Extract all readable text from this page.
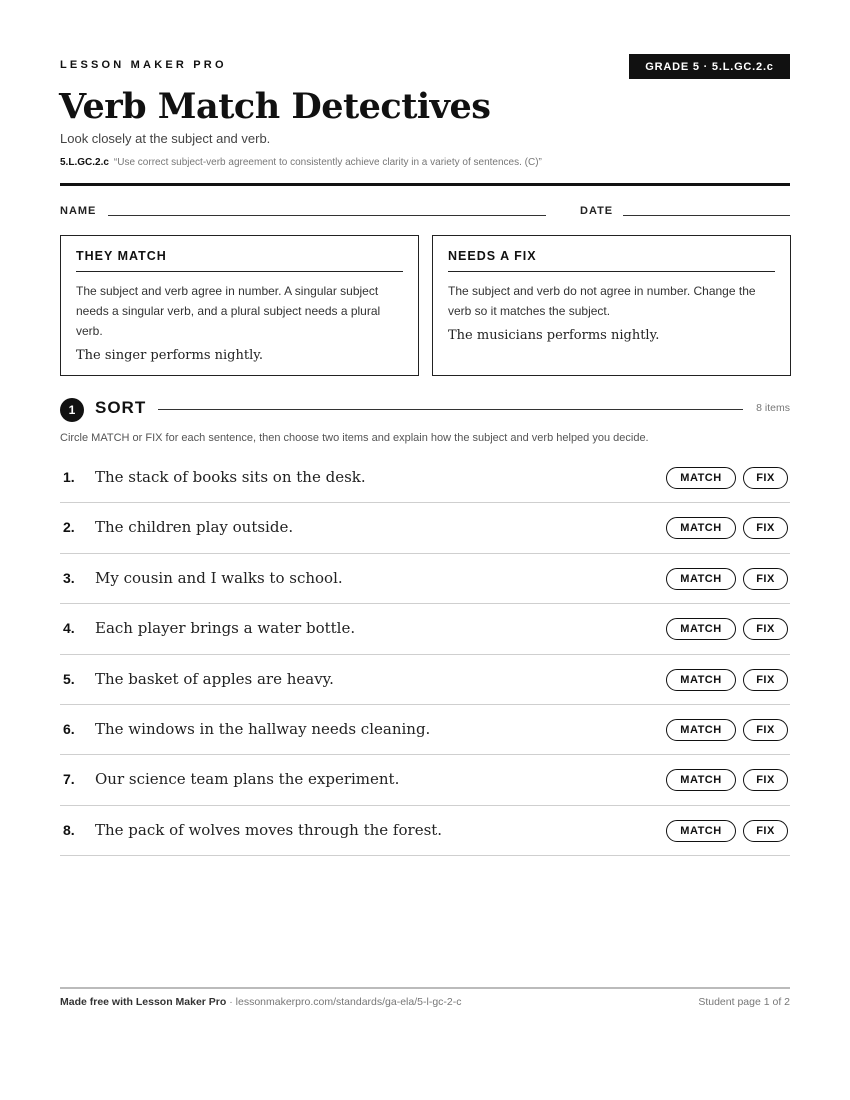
LESSON MAKER PRO	GRADE 5 · 5.L.GC.2.c
Verb Match Detectives
Look closely at the subject and verb.
5.L.GC.2.c “Use correct subject-verb agreement to consistently achieve clarity in a variety of sentences. (C)”
NAME	DATE
THEY MATCH
The subject and verb agree in number. A singular subject needs a singular verb, and a plural subject needs a plural verb.
The singer performs nightly.
NEEDS A FIX
The subject and verb do not agree in number. Change the verb so it matches the subject.
The musicians performs nightly.
1	SORT	8 items
Circle MATCH or FIX for each sentence, then choose two items and explain how the subject and verb helped you decide.
1. The stack of books sits on the desk.	MATCH	FIX
2. The children play outside.	MATCH	FIX
3. My cousin and I walks to school.	MATCH	FIX
4. Each player brings a water bottle.	MATCH	FIX
5. The basket of apples are heavy.	MATCH	FIX
6. The windows in the hallway needs cleaning.	MATCH	FIX
7. Our science team plans the experiment.	MATCH	FIX
8. The pack of wolves moves through the forest.	MATCH	FIX
Made free with Lesson Maker Pro · lessonmakerpro.com/standards/ga-ela/5-l-gc-2-c	Student page 1 of 2
